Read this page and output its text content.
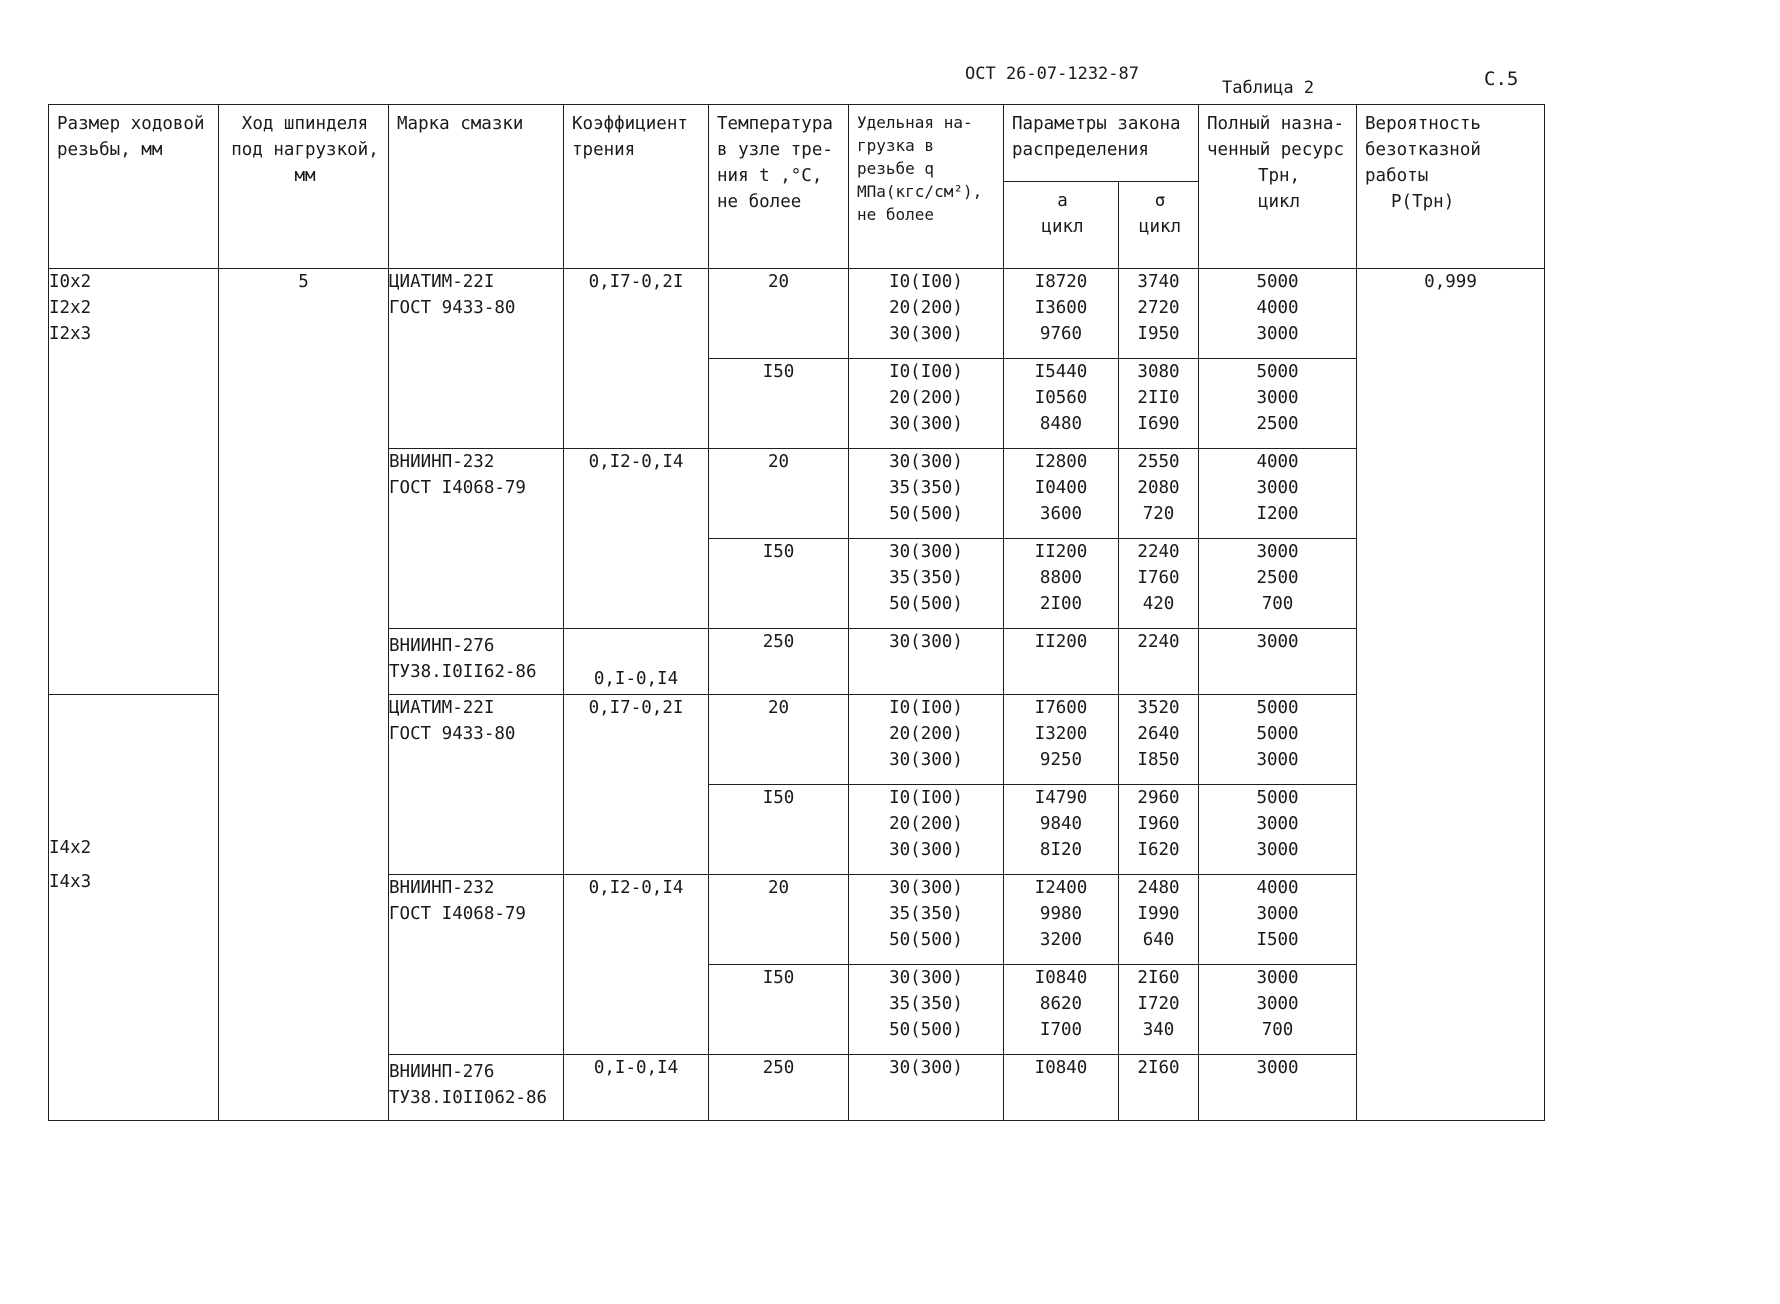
ОСТ 26-07-1232-87
Таблица 2	С.5
Размер ходовой
резьбы, мм	Ход шпинделя
под нагрузкой,
мм	Марка смазки	Коэффициент
трения	Температура
в узле тре-
ния t ,°С,
не более	Удельная на-
грузка в
резьбе q
МПа(кгс/см²),
не более	Параметры закона
распределения		Полный назна-
ченный ресурс
Трн,
цикл	Вероятность
безотказной
работы
Р(Трн)

						a
цикл	σ
цикл		

I0x2
I2x2
I2x3	5	ЦИАТИМ-22I
ГОСТ 9433-80	0,I7-0,2I	20	I0(I00)
20(200)
30(300)	I8720
I3600
9760	3740
2720
I950	5000
4000
3000	0,999
				I50	I0(I00)
20(200)
30(300)	I5440
I0560
8480	3080
2II0
I690	5000
3000
2500	

		ВНИИНП-232
ГОСТ I4068-79	0,I2-0,I4	20	30(300)
35(350)
50(500)	I2800
I0400
3600	2550
2080
720	4000
3000
I200	

				I50	30(300)
35(350)
50(500)	II200
8800
2I00	2240
I760
420	3000
2500
700	

		ВНИИНП-276
ТУ38.I0II62-86	0,I-0,I4	250	30(300)	II200	2240	3000	

I4x2
I4x3		ЦИАТИМ-22I
ГОСТ 9433-80	0,I7-0,2I	20	I0(I00)
20(200)
30(300)	I7600
I3200
9250	3520
2640
I850	5000
5000
3000	

				I50	I0(I00)
20(200)
30(300)	I4790
9840
8I20	2960
I960
I620	5000
3000
3000	

		ВНИИНП-232
ГОСТ I4068-79	0,I2-0,I4	20	30(300)
35(350)
50(500)	I2400
9980
3200	2480
I990
640	4000
3000
I500	

				I50	30(300)
35(350)
50(500)	I0840
8620
I700	2I60
I720
340	3000
3000
700	

		ВНИИНП-276
ТУ38.I0II062-86	0,I-0,I4	250	30(300)	I0840	2I60	3000	
